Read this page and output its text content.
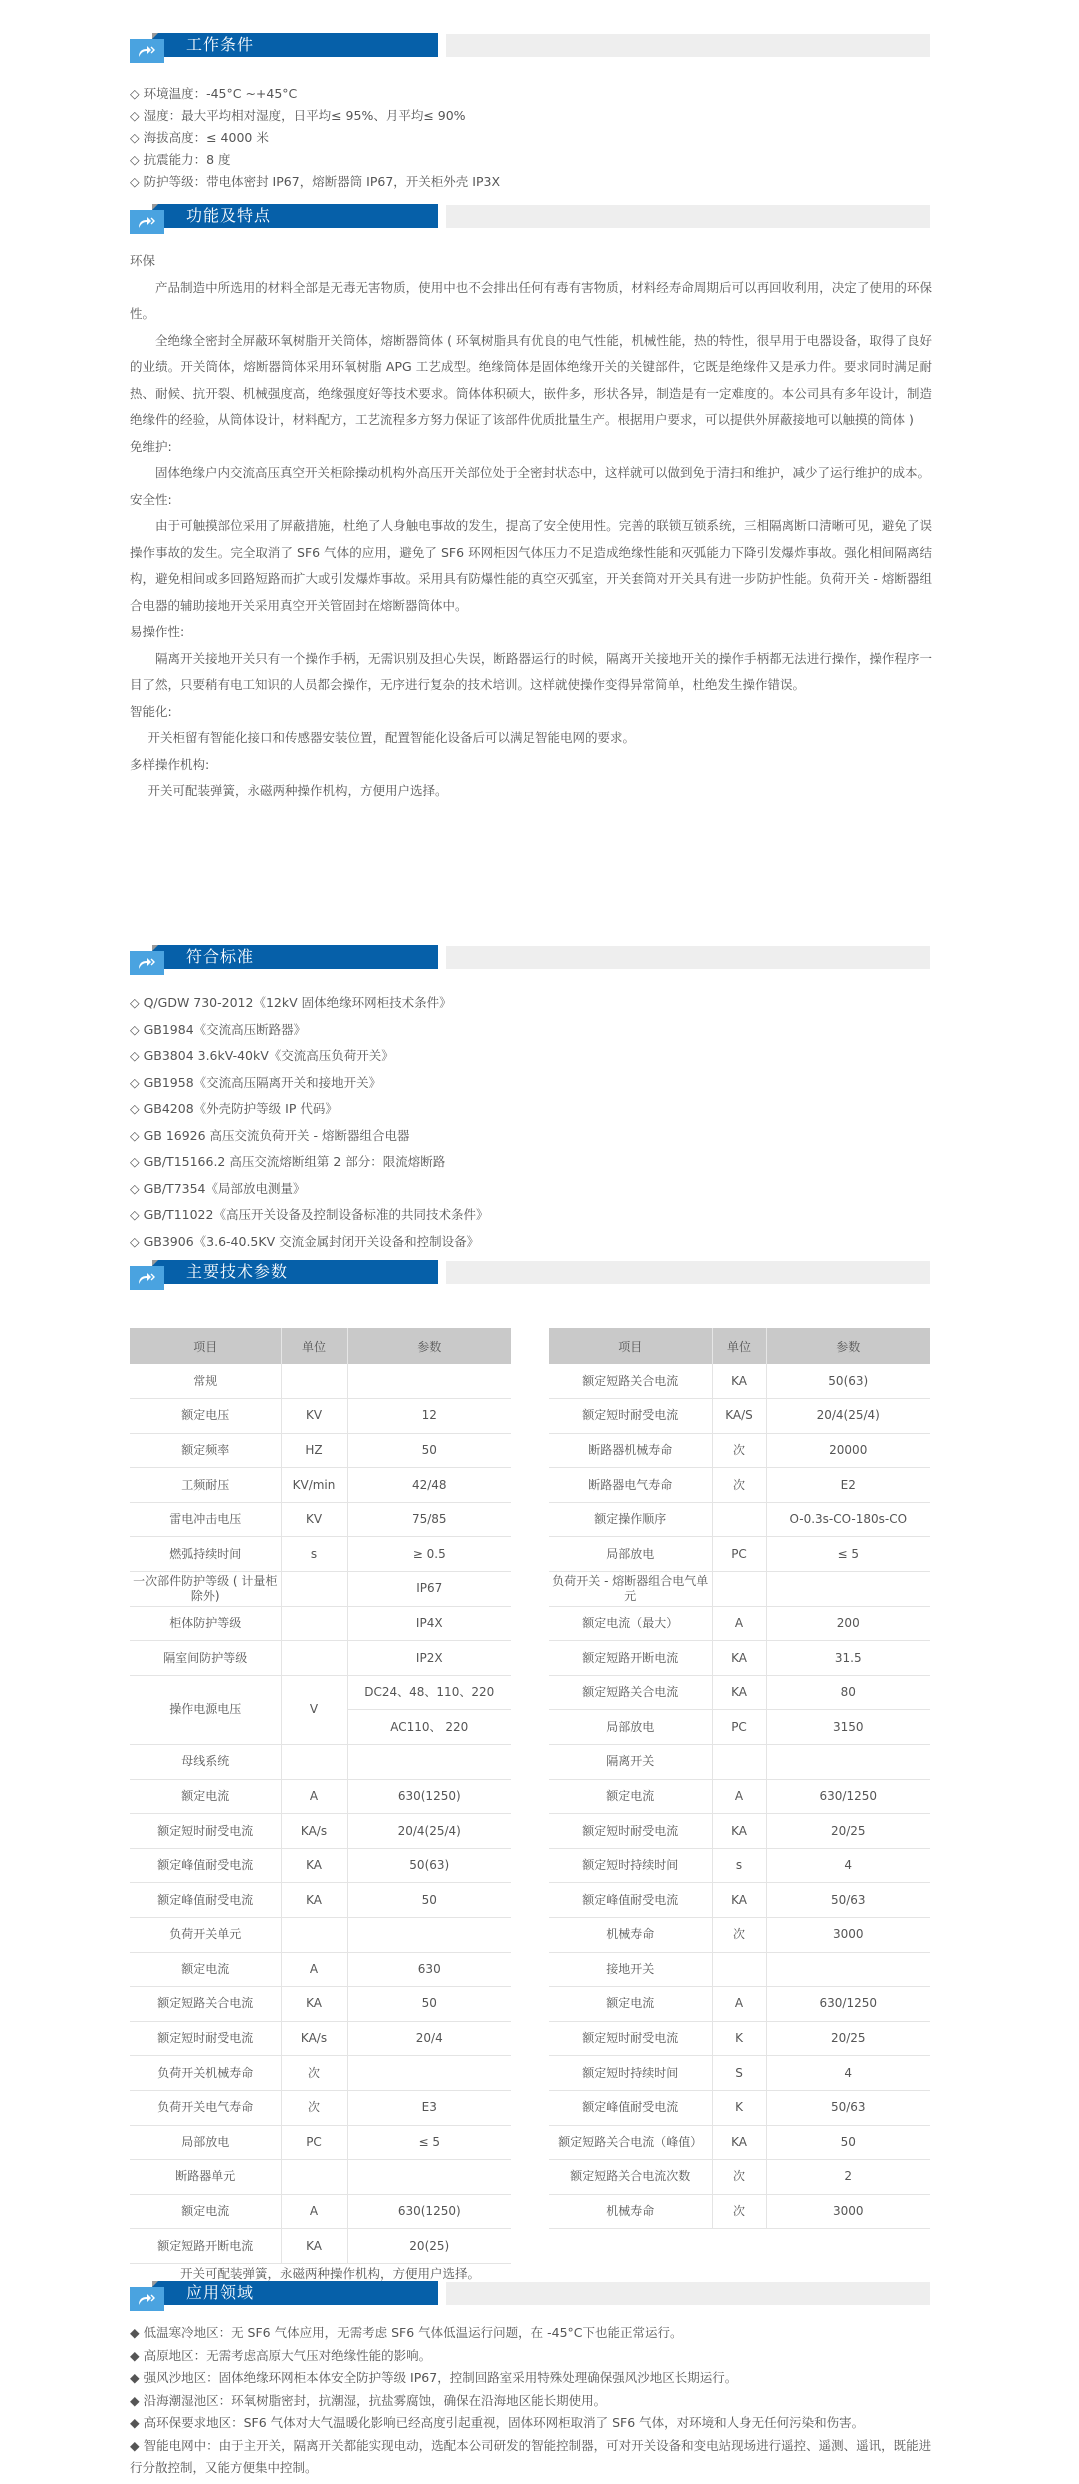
工作条件
◇ 环境温度：-45°C ~+45°C
◇ 湿度：最大平均相对湿度，日平均≤ 95%、月平均≤ 90%
◇ 海拔高度：≤ 4000 米
◇ 抗震能力：8 度
◇ 防护等级：带电体密封 IP67，熔断器筒 IP67，开关柜外壳 IP3X
功能及特点
环保
产品制造中所选用的材料全部是无毒无害物质，使用中也不会排出任何有毒有害物质，材料经寿命周期后可以再回收利用，决定了使用的环保性。
全绝缘全密封全屏蔽环氧树脂开关筒体，熔断器筒体 ( 环氧树脂具有优良的电气性能，机械性能，热的特性，很早用于电器设备，取得了良好的业绩。开关筒体，熔断器筒体采用环氧树脂 APG 工艺成型。绝缘筒体是固体绝缘开关的关键部件，它既是绝缘件又是承力件。要求同时满足耐热、耐候、抗开裂、机械强度高，绝缘强度好等技术要求。筒体体积硕大，嵌件多，形状各异，制造是有一定难度的。本公司具有多年设计，制造绝缘件的经验，从筒体设计，材料配方，工艺流程多方努力保证了该部件优质批量生产。根据用户要求，可以提供外屏蔽接地可以触摸的筒体 )
免维护:
固体绝缘户内交流高压真空开关柜除操动机构外高压开关部位处于全密封状态中，这样就可以做到免于清扫和维护，减少了运行维护的成本。
安全性:
由于可触摸部位采用了屏蔽措施，杜绝了人身触电事故的发生，提高了安全使用性。完善的联锁互锁系统，三相隔离断口清晰可见，避免了误操作事故的发生。完全取消了 SF6 气体的应用，避免了 SF6 环网柜因气体压力不足造成绝缘性能和灭弧能力下降引发爆炸事故。强化相间隔离结构，避免相间或多回路短路而扩大或引发爆炸事故。采用具有防爆性能的真空灭弧室，开关套筒对开关具有进一步防护性能。负荷开关 - 熔断器组合电器的辅助接地开关采用真空开关管固封在熔断器筒体中。
易操作性:
隔离开关接地开关只有一个操作手柄，无需识别及担心失误，断路器运行的时候，隔离开关接地开关的操作手柄都无法进行操作，操作程序一目了然，只要稍有电工知识的人员都会操作，无序进行复杂的技术培训。这样就使操作变得异常简单，杜绝发生操作错误。
智能化:
开关柜留有智能化接口和传感器安装位置，配置智能化设备后可以满足智能电网的要求。
多样操作机构:
开关可配装弹簧，永磁两种操作机构，方便用户选择。
符合标准
◇ Q/GDW 730-2012《12kV 固体绝缘环网柜技术条件》
◇ GB1984《交流高压断路器》
◇ GB3804 3.6kV-40kV《交流高压负荷开关》
◇ GB1958《交流高压隔离开关和接地开关》
◇ GB4208《外壳防护等级 IP 代码》
◇ GB 16926 高压交流负荷开关 - 熔断器组合电器
◇ GB/T15166.2 高压交流熔断组第 2 部分：限流熔断路
◇ GB/T7354《局部放电测量》
◇ GB/T11022《高压开关设备及控制设备标准的共同技术条件》
◇ GB3906《3.6-40.5KV 交流金属封闭开关设备和控制设备》
主要技术参数
项目	单位	参数
常规		
额定电压	KV	12
额定频率	HZ	50
工频耐压	KV/min	42/48
雷电冲击电压	KV	75/85
燃弧持续时间	s	≥ 0.5
一次部件防护等级 ( 计量柜除外)		IP67
柜体防护等级		IP4X
隔室间防护等级		IP2X
操作电源电压	V	DC24、48、110、220
		AC110、 220
母线系统		
额定电流	A	630(1250)
额定短时耐受电流	KA/s	20/4(25/4)
额定峰值耐受电流	KA	50(63)
额定峰值耐受电流	KA	50
负荷开关单元		
额定电流	A	630
额定短路关合电流	KA	50
额定短时耐受电流	KA/s	20/4
负荷开关机械寿命	次	
负荷开关电气寿命	次	E3
局部放电	PC	≤ 5
断路器单元		
额定电流	A	630(1250)
额定短路开断电流	KA	20(25)
项目	单位	参数
额定短路关合电流	KA	50(63)
额定短时耐受电流	KA/S	20/4(25/4)
断路器机械寿命	次	20000
断路器电气寿命	次	E2
额定操作顺序		O-0.3s-CO-180s-CO
局部放电	PC	≤ 5
负荷开关 - 熔断器组合电气单元		
额定电流（最大）	A	200
额定短路开断电流	KA	31.5
额定短路关合电流	KA	80
局部放电	PC	3150
隔离开关		
额定电流	A	630/1250
额定短时耐受电流	KA	20/25
额定短时持续时间	s	4
额定峰值耐受电流	KA	50/63
机械寿命	次	3000
接地开关		
额定电流	A	630/1250
额定短时耐受电流	K	20/25
额定短时持续时间	S	4
额定峰值耐受电流	K	50/63
额定短路关合电流（峰值）	KA	50
额定短路关合电流次数	次	2
机械寿命	次	3000
开关可配装弹簧，永磁两种操作机构，方便用户选择。
应用领域
◆ 低温寒冷地区：无 SF6 气体应用，无需考虑 SF6 气体低温运行问题，在 -45°C下也能正常运行。
◆ 高原地区：无需考虑高原大气压对绝缘性能的影响。
◆ 强风沙地区：固体绝缘环网柜本体安全防护等级 IP67，控制回路室采用特殊处理确保强风沙地区长期运行。
◆ 沿海潮湿池区：环氧树脂密封，抗潮湿，抗盐雾腐蚀，确保在沿海地区能长期使用。
◆ 高环保要求地区：SF6 气体对大气温暖化影响已经高度引起重视，固体环网柜取消了 SF6 气体，对环境和人身无任何污染和伤害。
◆ 智能电网中：由于主开关，隔离开关都能实现电动，选配本公司研发的智能控制器，可对开关设备和变电站现场进行遥控、遥测、遥讯，既能进行分散控制，又能方便集中控制。
